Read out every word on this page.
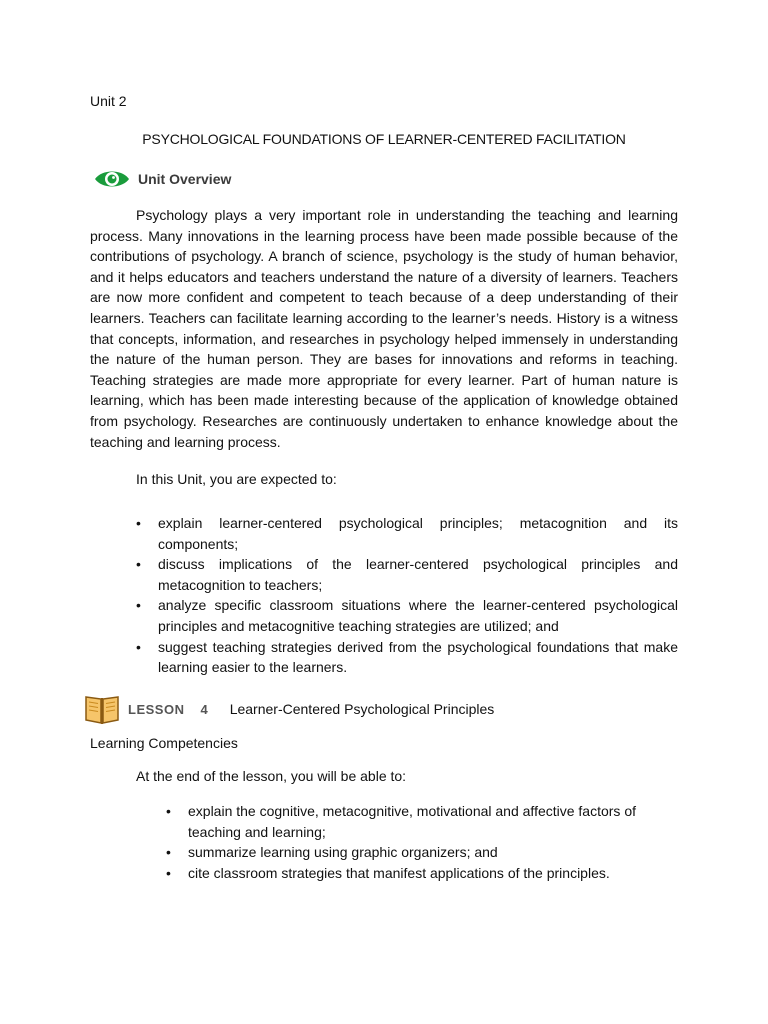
Unit 2
PSYCHOLOGICAL FOUNDATIONS OF LEARNER-CENTERED FACILITATION
Unit Overview

Psychology plays a very important role in understanding the teaching and learning process. Many innovations in the learning process have been made possible because of the contributions of psychology. A branch of science, psychology is the study of human behavior, and it helps educators and teachers understand the nature of a diversity of learners. Teachers are now more confident and competent to teach because of a deep understanding of their learners. Teachers can facilitate learning according to the learner’s needs. History is a witness that concepts, information, and researches in psychology helped immensely in understanding the nature of the human person. They are bases for innovations and reforms in teaching. Teaching strategies are made more appropriate for every learner. Part of human nature is learning, which has been made interesting because of the application of knowledge obtained from psychology. Researches are continuously undertaken to enhance knowledge about the teaching and learning process.

In this Unit, you are expected to:

• explain learner-centered psychological principles; metacognition and its components;
• discuss implications of the learner-centered psychological principles and metacognition to teachers;
• analyze specific classroom situations where the learner-centered psychological principles and metacognitive teaching strategies are utilized; and
• suggest teaching strategies derived from the psychological foundations that make learning easier to the learners.
LESSON 4 Learner-Centered Psychological Principles
Learning Competencies

At the end of the lesson, you will be able to:

• explain the cognitive, metacognitive, motivational and affective factors of teaching and learning;
• summarize learning using graphic organizers; and
• cite classroom strategies that manifest applications of the principles.
